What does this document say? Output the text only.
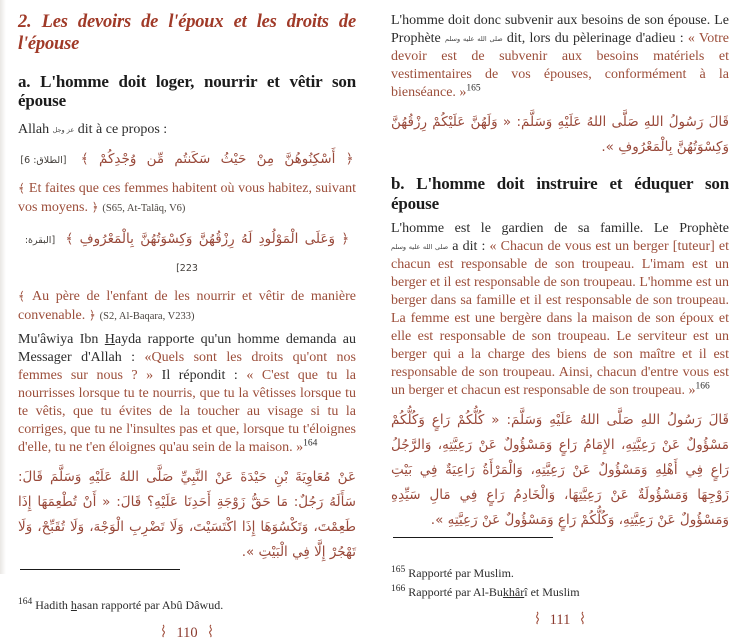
2. Les devoirs de l'époux et les droits de l'épouse
a. L'homme doit loger, nourrir et vêtir son épouse

Allah عز وجل dit à ce propos :

﴿ أَسْكِنُوهُنَّ مِنْ حَيْثُ سَكَنتُم مِّن وُجْدِكُمْ ﴾ [الطلاق: 6]

﴾ Et faites que ces femmes habitent où vous habitez, suivant vos moyens. ﴿ (S65, At-Talâq, V6)

﴿ وَعَلَى الْمَوْلُودِ لَهُ رِزْقُهُنَّ وَكِسْوَتُهُنَّ بِالْمَعْرُوفِ ﴾ [البقرة: 223]

﴾ Au père de l'enfant de les nourrir et vêtir de manière convenable. ﴿ (S2, Al-Baqara, V233)

Mu'âwiya Ibn Hayda rapporte qu'un homme demanda au Messager d'Allah : «Quels sont les droits qu'ont nos femmes sur nous ? » Il répondit : « C'est que tu la nourrisses lorsque tu te nourris, que tu la vêtisses lorsque tu te vêtis, que tu évites de la toucher au visage si tu la corriges, que tu ne l'insultes pas et que, lorsque tu t'éloignes d'elle, tu ne t'en éloignes qu'au sein de la maison. »$^{164}$

عَنْ مُعَاوِيَةَ بْنِ حَيْدَةَ عَنْ النَّبِيِّ صَلَّى اللهُ عَلَيْهِ وَسَلَّمَ قَالَ: سَأَلَهُ رَجُلٌ: مَا حَقُّ زَوْجَةِ أَحَدِنَا عَلَيْهِ؟ قَالَ: « أَنْ تُطْعِمَهَا إِذَا طَعِمْتَ، وَتَكْسُوَهَا إِذَا اكْتَسَيْتَ، وَلَا تَضْرِبِ الْوَجْهَ، وَلَا تُقَبِّحْ، وَلَا تَهْجُرْ إِلَّا فِي الْبَيْتِ ».

$^{164}$ Hadith hasan rapporté par Abû Dâwud.

110

L'homme doit donc subvenir aux besoins de son épouse. Le Prophète صلى الله عليه وسلم dit, lors du pèlerinage d'adieu : « Votre devoir est de subvenir aux besoins matériels et vestimentaires de vos épouses, conformément à la bienséance. »$^{165}$

قَالَ رَسُولُ اللهِ صَلَّى اللهُ عَلَيْهِ وَسَلَّمَ: « وَلَهُنَّ عَلَيْكُمْ رِزْقُهُنَّ وَكِسْوَتُهُنَّ بِالْمَعْرُوفِ ».
b. L'homme doit instruire et éduquer son épouse

L'homme est le gardien de sa famille. Le Prophète صلى الله عليه وسلم a dit : « Chacun de vous est un berger [tuteur] et chacun est responsable de son troupeau. L'imam est un berger et il est responsable de son troupeau. L'homme est un berger dans sa famille et il est responsable de son troupeau. La femme est une bergère dans la maison de son époux et elle est responsable de son troupeau. Le serviteur est un berger qui a la charge des biens de son maître et il est responsable de son troupeau. Ainsi, chacun d'entre vous est un berger et chacun est responsable de son troupeau. »$^{166}$

قَالَ رَسُولُ اللهِ صَلَّى اللهُ عَلَيْهِ وَسَلَّمَ: « كُلُّكُمْ رَاعٍ وَكُلُّكُمْ مَسْؤُولٌ عَنْ رَعِيَّتِهِ، الإِمَامُ رَاعٍ وَمَسْؤُولٌ عَنْ رَعِيَّتِهِ، وَالرَّجُلُ رَاعٍ فِي أَهْلِهِ وَمَسْؤُولٌ عَنْ رَعِيَّتِهِ، وَالْمَرْأَةُ رَاعِيَةٌ فِي بَيْتِ زَوْجِهَا وَمَسْؤُولَةٌ عَنْ رَعِيَّتِهَا، وَالْخَادِمُ رَاعٍ فِي مَالِ سَيِّدِهِ وَمَسْؤُولٌ عَنْ رَعِيَّتِهِ، وَكُلُّكُمْ رَاعٍ وَمَسْؤُولٌ عَنْ رَعِيَّتِهِ ».

$^{165}$ Rapporté par Muslim.

$^{166}$ Rapporté par Al-Bukhârî et Muslim

111
